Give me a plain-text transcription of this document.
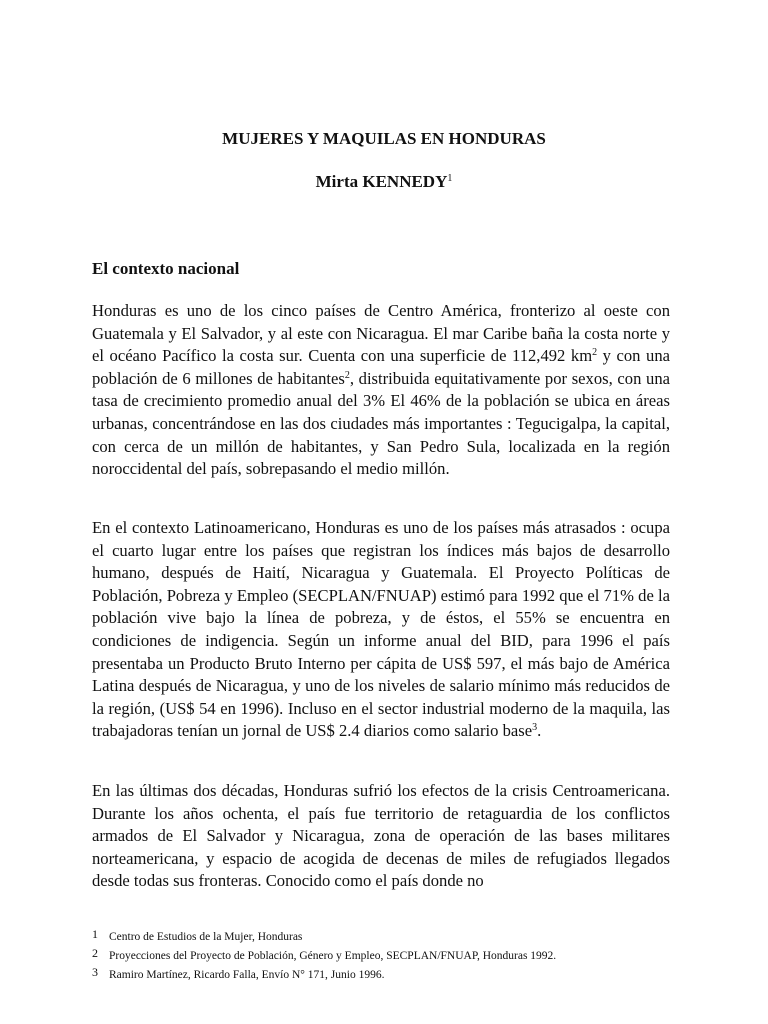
MUJERES Y MAQUILAS EN HONDURAS
Mirta KENNEDY$^1$
El contexto nacional

Honduras es uno de los cinco países de Centro América, fronterizo al oeste con Guatemala y El Salvador, y al este con Nicaragua. El mar Caribe baña la costa norte y el océano Pacífico la costa sur. Cuenta con una superficie de 112,492 $km^2$ y con una población de 6 millones de habitantes$^2$, distribuida equitativamente por sexos, con una tasa de crecimiento promedio anual del 3% El 46% de la población se ubica en áreas urbanas, concentrándose en las dos ciudades más importantes : Tegucigalpa, la capital, con cerca de un millón de habitantes, y San Pedro Sula, localizada en la región noroccidental del país, sobrepasando el medio millón.

En el contexto Latinoamericano, Honduras es uno de los países más atrasados : ocupa el cuarto lugar entre los países que registran los índices más bajos de desarrollo humano, después de Haití, Nicaragua y Guatemala. El Proyecto Políticas de Población, Pobreza y Empleo (SECPLAN/FNUAP) estimó para 1992 que el 71% de la población vive bajo la línea de pobreza, y de éstos, el 55% se encuentra en condiciones de indigencia. Según un informe anual del BID, para 1996 el país presentaba un Producto Bruto Interno per cápita de US$ 597, el más bajo de América Latina después de Nicaragua, y uno de los niveles de salario mínimo más reducidos de la región, (US$ 54 en 1996). Incluso en el sector industrial moderno de la maquila, las trabajadoras tenían un jornal de US$ 2.4 diarios como salario base$^3$.

En las últimas dos décadas, Honduras sufrió los efectos de la crisis Centroamericana. Durante los años ochenta, el país fue territorio de retaguardia de los conflictos armados de El Salvador y Nicaragua, zona de operación de las bases militares norteamericana, y espacio de acogida de decenas de miles de refugiados llegados desde todas sus fronteras. Conocido como el país donde no

1 Centro de Estudios de la Mujer, Honduras
2 Proyecciones del Proyecto de Población, Género y Empleo, SECPLAN/FNUAP, Honduras 1992.
3 Ramiro Martínez, Ricardo Falla, Envío N° 171, Junio 1996.
